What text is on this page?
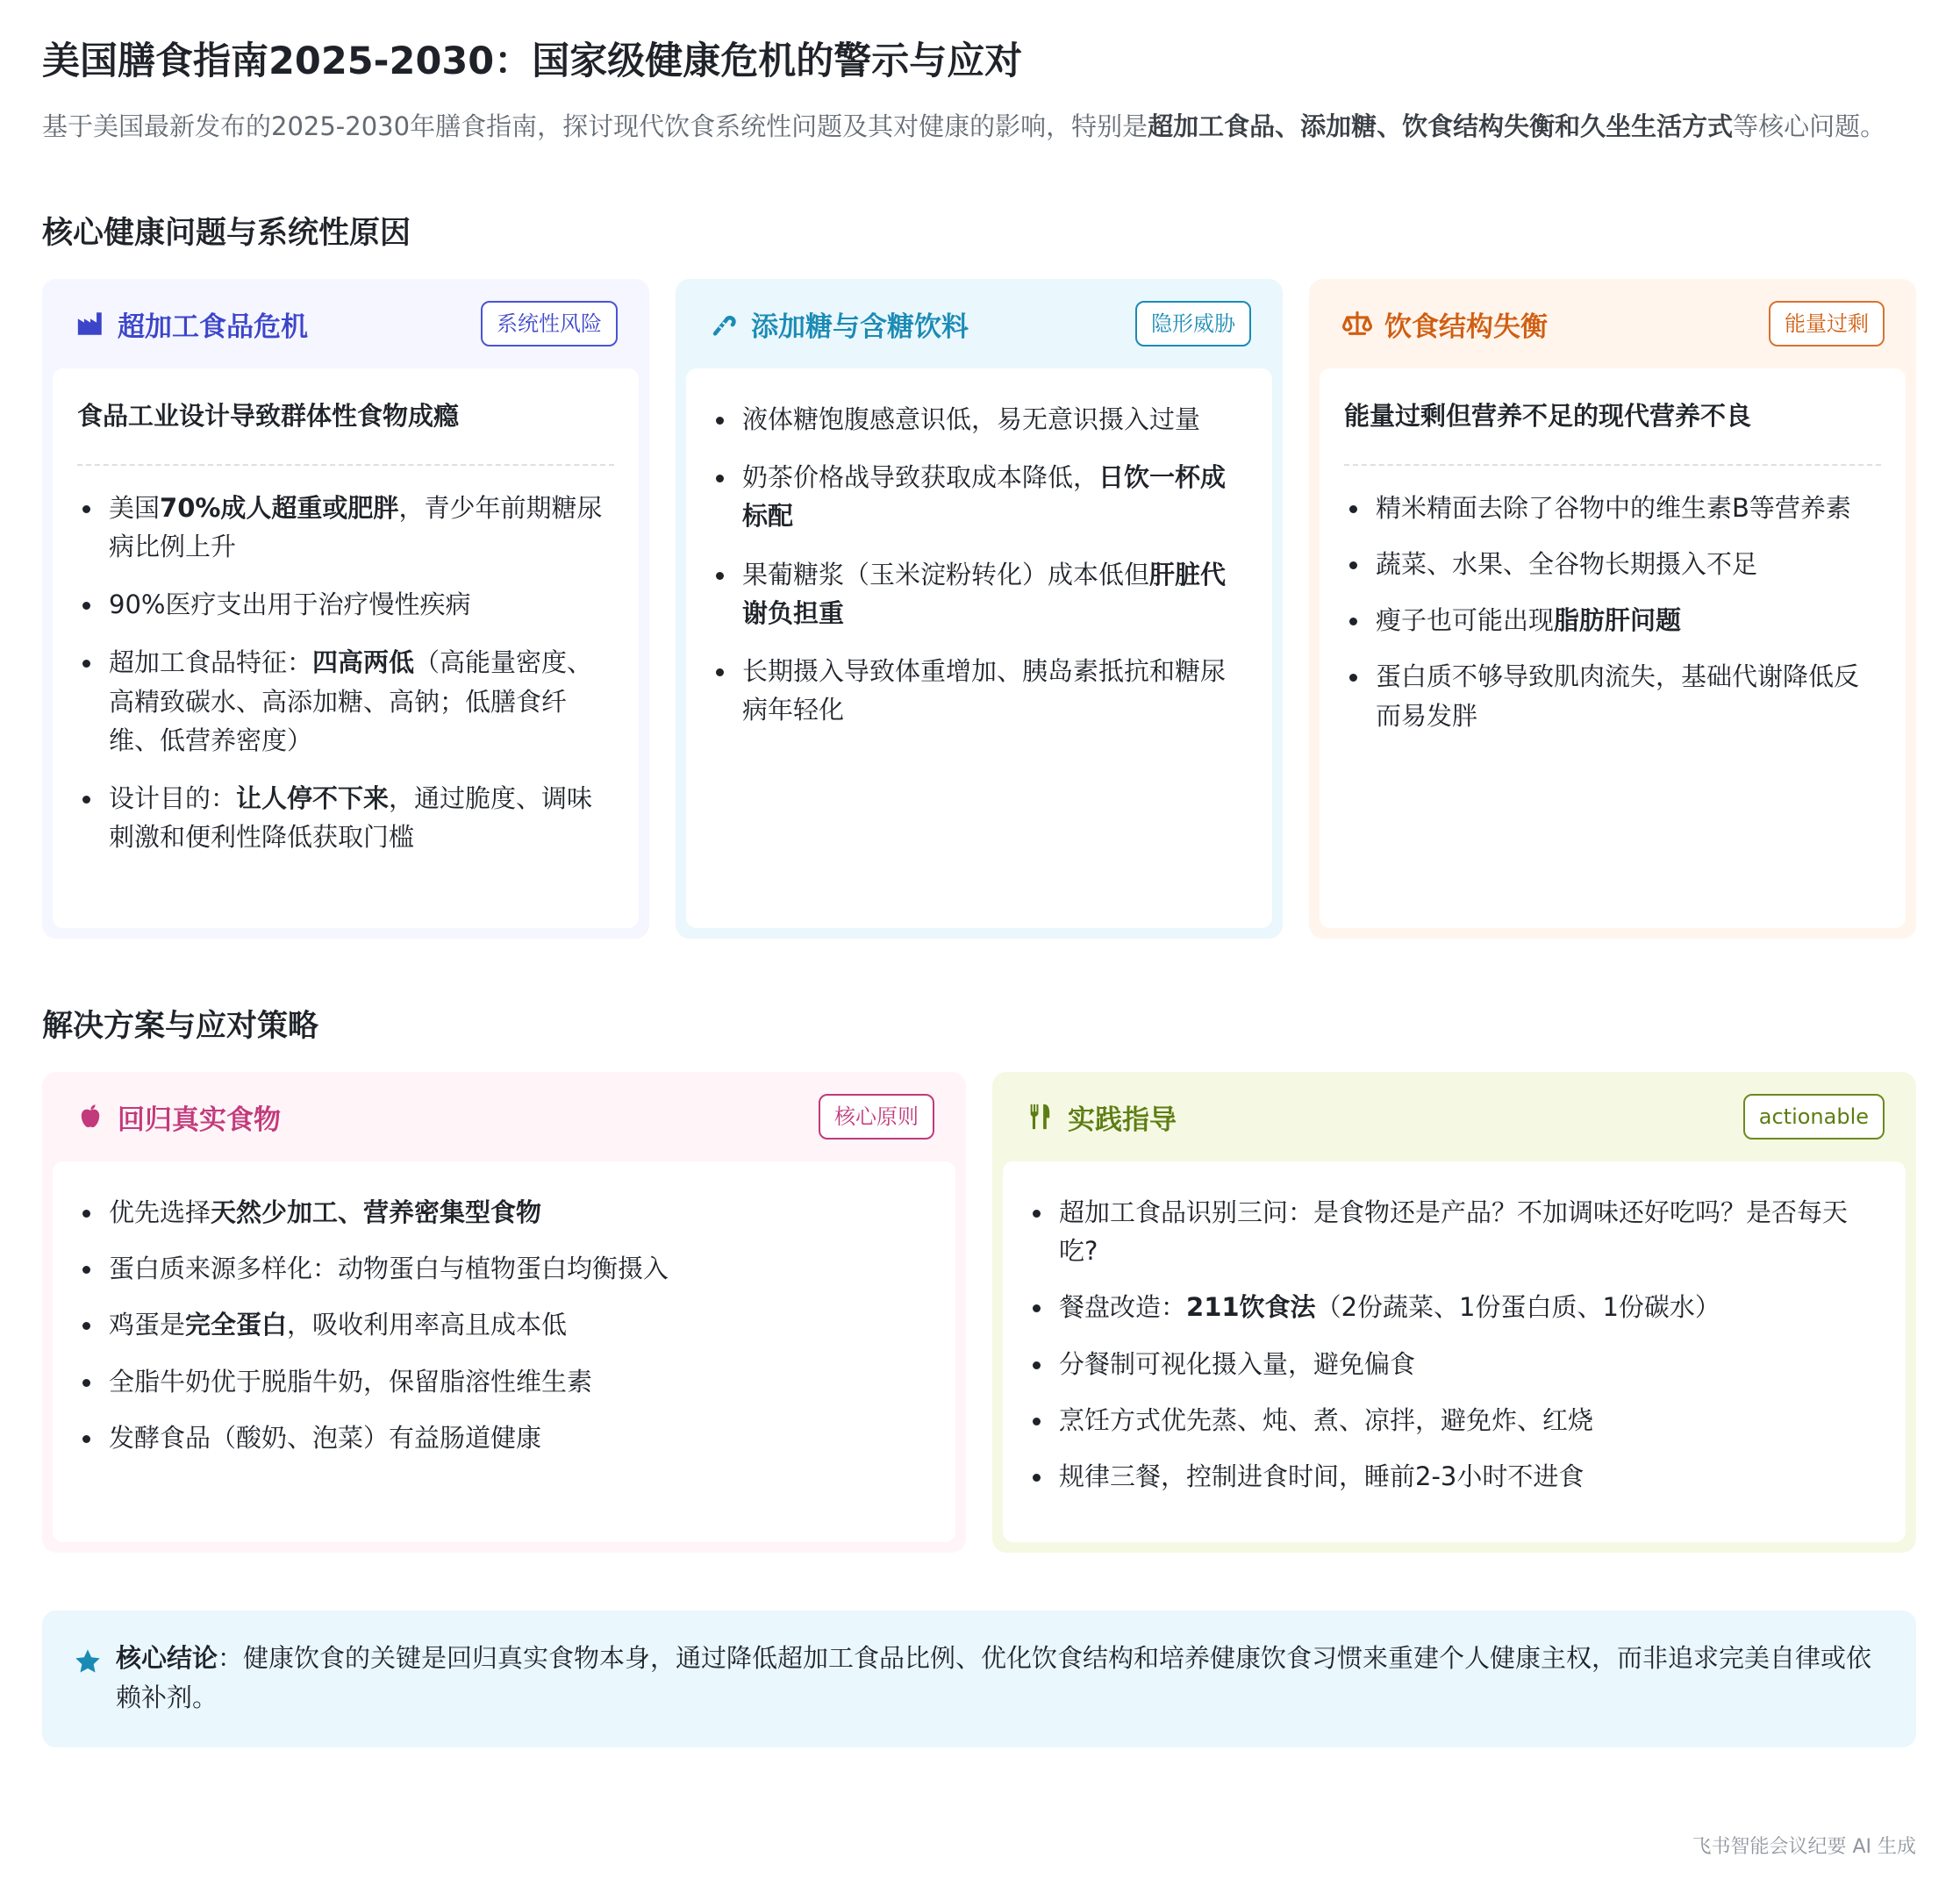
美国膳食指南2025-2030：国家级健康危机的警示与应对

基于美国最新发布的2025-2030年膳食指南，探讨现代饮食系统性问题及其对健康的影响，特别是超加工食品、添加糖、饮食结构失衡和久坐生活方式等核心问题。

核心健康问题与系统性原因
超加工食品危机	系统性风险
食品工业设计导致群体性食物成瘾
美国70%成人超重或肥胖，青少年前期糖尿病比例上升
90%医疗支出用于治疗慢性疾病
超加工食品特征：四高两低（高能量密度、高精致碳水、高添加糖、高钠；低膳食纤维、低营养密度）
设计目的：让人停不下来，通过脆度、调味刺激和便利性降低获取门槛
添加糖与含糖饮料	隐形威胁
液体糖饱腹感意识低，易无意识摄入过量
奶茶价格战导致获取成本降低，日饮一杯成标配
果葡糖浆（玉米淀粉转化）成本低但肝脏代谢负担重
长期摄入导致体重增加、胰岛素抵抗和糖尿病年轻化
饮食结构失衡	能量过剩
能量过剩但营养不足的现代营养不良
精米精面去除了谷物中的维生素B等营养素
蔬菜、水果、全谷物长期摄入不足
瘦子也可能出现脂肪肝问题
蛋白质不够导致肌肉流失，基础代谢降低反而易发胖
解决方案与应对策略
回归真实食物	核心原则
优先选择天然少加工、营养密集型食物
蛋白质来源多样化：动物蛋白与植物蛋白均衡摄入
鸡蛋是完全蛋白，吸收利用率高且成本低
全脂牛奶优于脱脂牛奶，保留脂溶性维生素
发酵食品（酸奶、泡菜）有益肠道健康
实践指导	actionable
超加工食品识别三问：是食物还是产品？不加调味还好吃吗？是否每天吃?
餐盘改造：211饮食法（2份蔬菜、1份蛋白质、1份碳水）
分餐制可视化摄入量，避免偏食
烹饪方式优先蒸、炖、煮、凉拌，避免炸、红烧
规律三餐，控制进食时间，睡前2-3小时不进食

核心结论：健康饮食的关键是回归真实食物本身，通过降低超加工食品比例、优化饮食结构和培养健康饮食习惯来重建个人健康主权，而非追求完美自律或依赖补剂。

飞书智能会议纪要 AI 生成
